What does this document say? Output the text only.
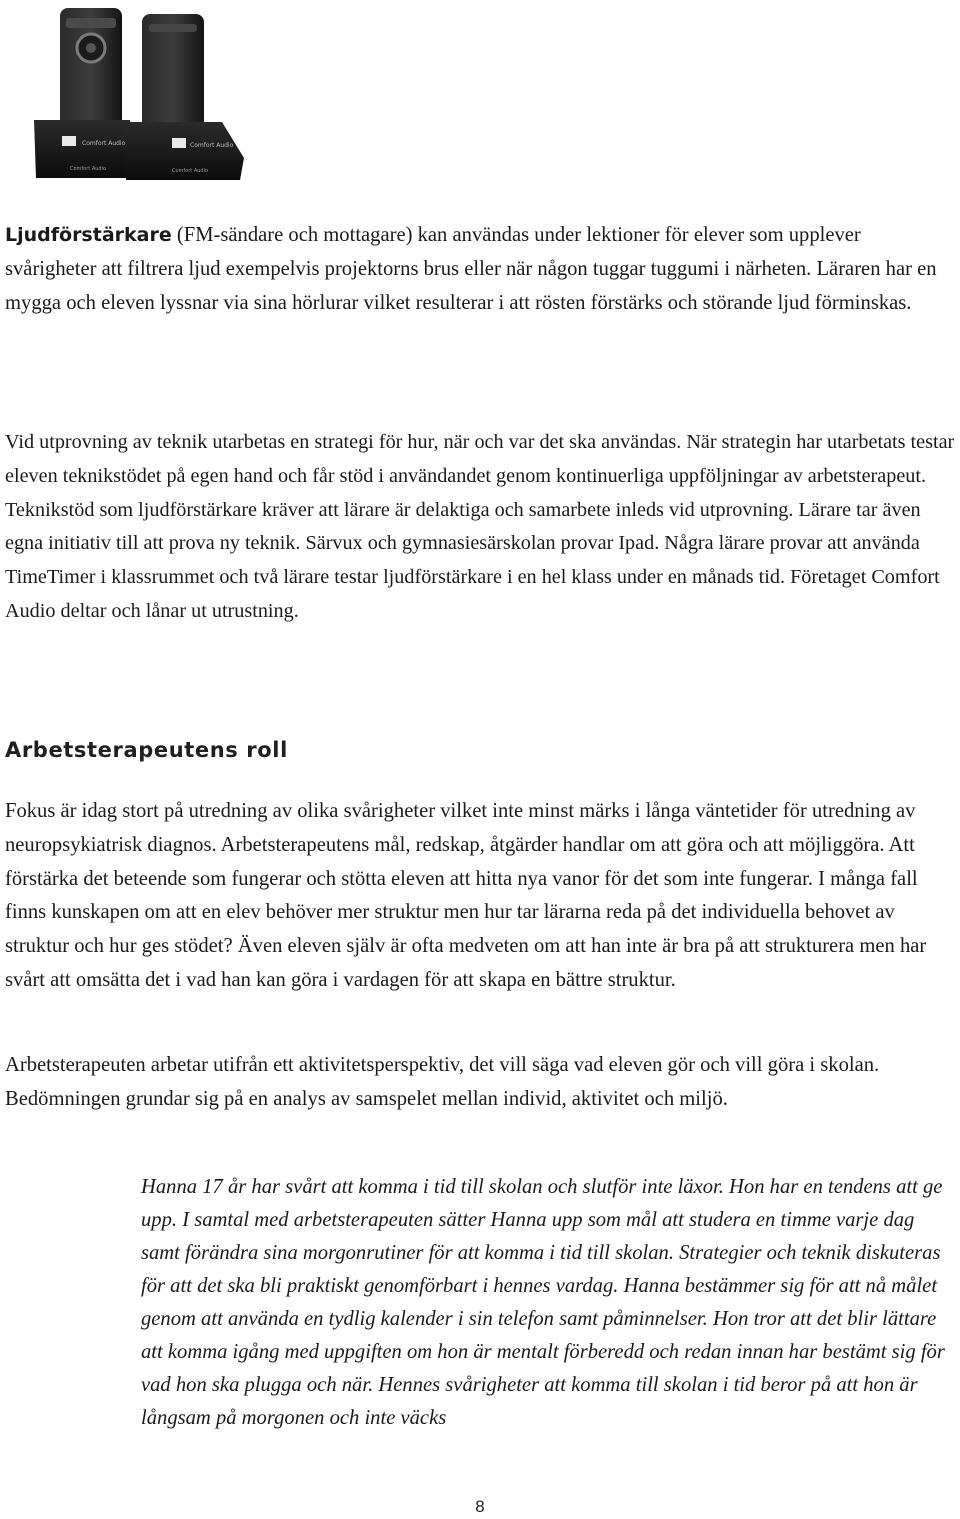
Comfort Audio	Comfort Audio
Comfort Audio	Comfort Audio

Ljudförstärkare (FM-sändare och mottagare) kan användas under lektioner för elever som upplever svårigheter att filtrera ljud exempelvis projektorns brus eller när någon tuggar tuggumi i närheten. Läraren har en mygga och eleven lyssnar via sina hörlurar vilket resulterar i att rösten förstärks och störande ljud förminskas.

Vid utprovning av teknik utarbetas en strategi för hur, när och var det ska användas. När strategin har utarbetats testar eleven teknikstödet på egen hand och får stöd i användandet genom kontinuerliga uppföljningar av arbetsterapeut. Teknikstöd som ljudförstärkare kräver att lärare är delaktiga och samarbete inleds vid utprovning. Lärare tar även egna initiativ till att prova ny teknik. Särvux och gymnasiesärskolan provar Ipad. Några lärare provar att använda TimeTimer i klassrummet och två lärare testar ljudförstärkare i en hel klass under en månads tid. Företaget Comfort Audio deltar och lånar ut utrustning.

Arbetsterapeutens roll

Fokus är idag stort på utredning av olika svårigheter vilket inte minst märks i långa väntetider för utredning av neuropsykiatrisk diagnos. Arbetsterapeutens mål, redskap, åtgärder handlar om att göra och att möjliggöra. Att förstärka det beteende som fungerar och stötta eleven att hitta nya vanor för det som inte fungerar. I många fall finns kunskapen om att en elev behöver mer struktur men hur tar lärarna reda på det individuella behovet av struktur och hur ges stödet? Även eleven själv är ofta medveten om att han inte är bra på att strukturera men har svårt att omsätta det i vad han kan göra i vardagen för att skapa en bättre struktur.

Arbetsterapeuten arbetar utifrån ett aktivitetsperspektiv, det vill säga vad eleven gör och vill göra i skolan. Bedömningen grundar sig på en analys av samspelet mellan individ, aktivitet och miljö.

Hanna 17 år har svårt att komma i tid till skolan och slutför inte läxor. Hon har en tendens att ge upp. I samtal med arbetsterapeuten sätter Hanna upp som mål att studera en timme varje dag samt förändra sina morgonrutiner för att komma i tid till skolan. Strategier och teknik diskuteras för att det ska bli praktiskt genomförbart i hennes vardag. Hanna bestämmer sig för att nå målet genom att använda en tydlig kalender i sin telefon samt påminnelser. Hon tror att det blir lättare att komma igång med uppgiften om hon är mentalt förberedd och redan innan har bestämt sig för vad hon ska plugga och när. Hennes svårigheter att komma till skolan i tid beror på att hon är långsam på morgonen och inte väcks

8
